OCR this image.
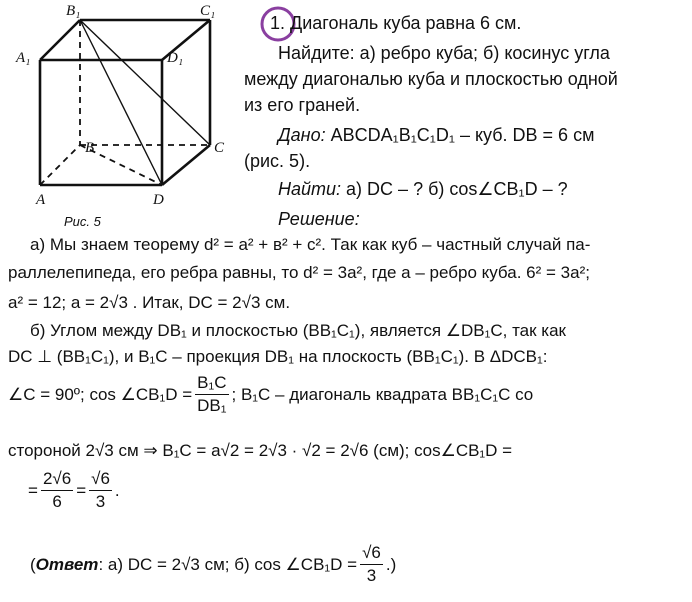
B₁	C₁
A₁	D₁
B	C
A	D
Рис. 5
1. Диагональ куба равна 6 см.
Найдите: а) ребро куба; б) косинус угла
между диагональю куба и плоскостью одной
из его граней.
Дано: ABCDA₁B₁C₁D₁ – куб. DB = 6 см
(рис. 5).
Найти: а) DC – ? б) cos∠CB₁D – ?
Решение:
а) Мы знаем теорему d² = a² + в² + c². Так как куб – частный случай па-
раллелепипеда, его ребра равны, то d² = 3a², где a – ребро куба. 6² = 3a²;
a² = 12; a = 2√3 . Итак, DC = 2√3 см.
б) Углом между DB₁ и плоскостью (BB₁C₁), является ∠DB₁C, так как
DC ⊥ (BB₁C₁), и B₁C – проекция DB₁ на плоскость (BB₁C₁). В ΔDCB₁:
∠C = 90º; cos ∠CB₁D = $\frac{\text{B₁C}}{\text{DB₁}}$ ; B₁C – диагональ квадрата BB₁C₁C со
стороной 2√3 см ⇒ B₁C = a√2 = 2√3 · √2 = 2√6 (см); cos∠CB₁D =
= $\frac{2√6}{6} = \frac{√6}{3}$ .
( Ответ : а) DC = 2√3 см; б) cos ∠CB₁D = $\frac{√6}{3}$ .)
